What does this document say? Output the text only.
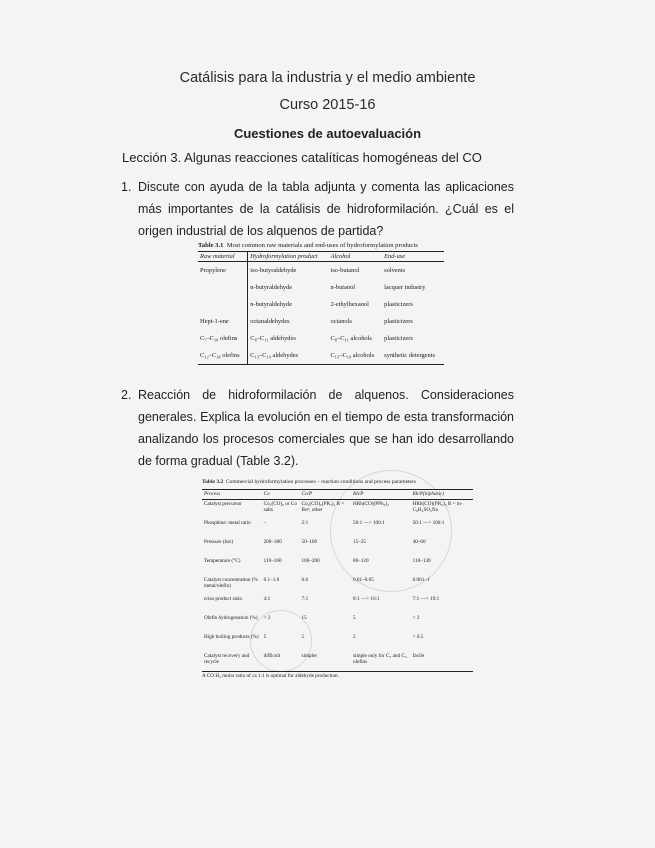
Catálisis para la industria y el medio ambiente
Curso 2015-16
Cuestiones de autoevaluación
Lección 3. Algunas reacciones catalíticas homogéneas del CO
1. Discute con ayuda de la tabla adjunta y comenta las aplicaciones más importantes de la catálisis de hidroformilación. ¿Cuál es el origen industrial de los alquenos de partida?
Table 3.1 Most common raw materials and end-uses of hydroformylation products
Raw material	Hydroformylation product	Alcohol	End-use
Propylene	iso-butyraldehyde	iso-butanol	solvents
	n-butyraldehyde	n-butanol	lacquer industry
	n-butyraldehyde	2-ethylhexanol	plasticizers
Hept-1-ene	octanaldehydes	octanols	plasticizers
C₇–C₁₀ olefins	C₈–C₁₁ aldehydes	C₈–C₁₁ alcohols	plasticizers
C₁₂–C₁₈ olefins	C₁₃–C₁₉ aldehydes	C₁₃–C₁₉ alcohols	synthetic detergents
2. Reacción de hidroformilación de alquenos. Consideraciones generales. Explica la evolución en el tiempo de esta transformación analizando los procesos comerciales que se han ido desarrollando de forma gradual (Table 3.2).
Table 3.2 Commercial hydroformylation processes – reaction conditions and process parameters
Process	Co	Co/P	Rh/P	Rh/P(biphasic)
Catalyst precursor	Co₂(CO)₈ or Co salts	Co₂(CO)₆(PR₃)₂ R = Buⁿ, other	HRh(CO)(PPh₃)₃	HRh(CO)(PR₃)₃ R = m-C₆H₄SO₃Na
Phosphine: metal ratio	–	2:1	50:1 —> 100:1	50:1 —> 100:1
Pressure (bar)	200–300	50–100	15–25	40–60
Temperature (°C)	110–160	160–200	80–120	110–130
Catalyst concentration (% metal/olefin)	0.1–1.0	0.6	0.01–0.05	0.001–1
n/iso product ratio	4:1	7:1	8:1 —> 16:1	7:1 —> 19:1
Olefin hydrogenation (%)	< 2	15	5	< 2
High boiling products (%)	5	5	2	< 0.5
Catalyst recovery and recycle	difficult	simpler	simple only for C₃ and C₄ olefins	facile
A CO:H₂ molar ratio of ca 1:1 is optimal for aldehyde production.
